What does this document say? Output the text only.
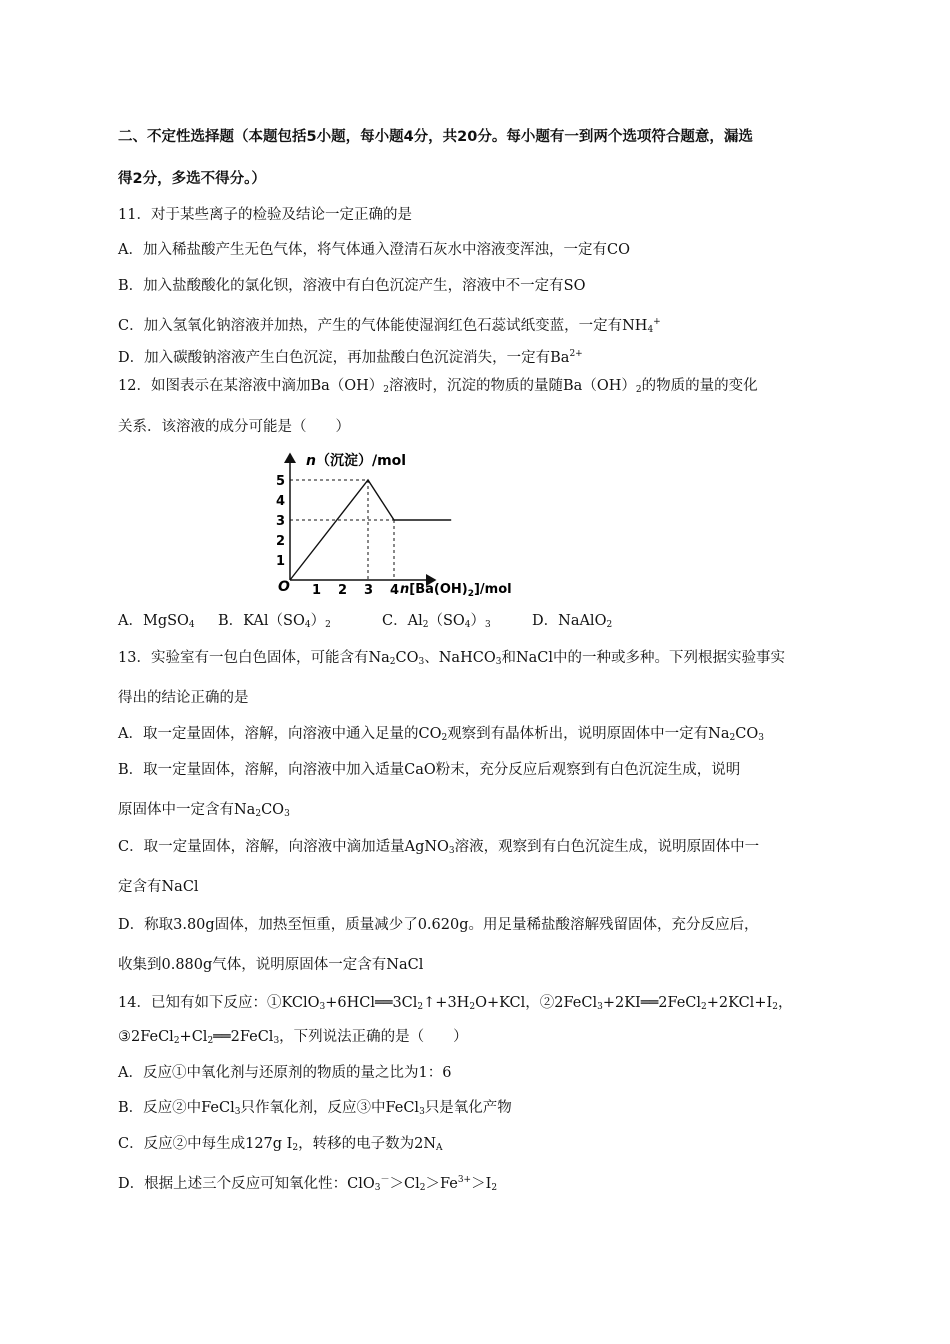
二、不定性选择题（本题包括5小题，每小题4分，共20分。每小题有一到两个选项符合题意，漏选
得2分，多选不得分。）
11．对于某些离子的检验及结论一定正确的是
A．加入稀盐酸产生无色气体，将气体通入澄清石灰水中溶液变浑浊，一定有CO
B．加入盐酸酸化的氯化钡，溶液中有白色沉淀产生，溶液中不一定有SO
C．加入氢氧化钠溶液并加热，产生的气体能使湿润红色石蕊试纸变蓝，一定有$NH_4^+$
D．加入碳酸钠溶液产生白色沉淀，再加盐酸白色沉淀消失，一定有$Ba^{2+}$
12．如图表示在某溶液中滴加$Ba(OH)_2$溶液时，沉淀的物质的量随$Ba(OH)_2$的物质的量的变化
关系．该溶液的成分可能是（　　）
1 2 3 4
1
2
3
4
5
n（沉淀）/mol
O	$n[Ba(OH)_2]$/mol
A．MgSO$_4$ B．$KAl(SO_4)_2$	C．$Al_2(SO_4)_3$	D．NaAlO$_2$
13．实验室有一包白色固体，可能含有$Na_2CO_3$、NaHCO$_3$和NaCl中的一种或多种。下列根据实验事实
得出的结论正确的是
A．取一定量固体，溶解，向溶液中通入足量的$CO_2$观察到有晶体析出，说明原固体中一定有$Na_2CO_3$
B．取一定量固体，溶解，向溶液中加入适量CaO粉末，充分反应后观察到有白色沉淀生成，说明
原固体中一定含有$Na_2CO_3$
C．取一定量固体，溶解，向溶液中滴加适量AgNO$_3$溶液，观察到有白色沉淀生成，说明原固体中一
定含有NaCl
D．称取3.80g固体，加热至恒重，质量减少了0.620g。用足量稀盐酸溶解残留固体，充分反应后，
收集到0.880g气体，说明原固体一定含有NaCl
14．已知有如下反应：$①KClO_3+6HCl══3Cl_2↑+3H_2O+KCl$，$②2FeCl_3+2KI══2FeCl_2+2KCl+I_2$，
$③2FeCl_2+Cl_2══2FeCl_3$，下列说法正确的是（　　）
A．反应①中氧化剂与还原剂的物质的量之比为1：6
B．反应②中FeCl$_3$只作氧化剂，反应③中FeCl$_3$只是氧化产物
C．反应②中每生成127g $I_2$，转移的电子数为$2N_A$
D．根据上述三个反应可知氧化性：$ClO_3^->Cl_2>Fe^{3+}>I_2$
